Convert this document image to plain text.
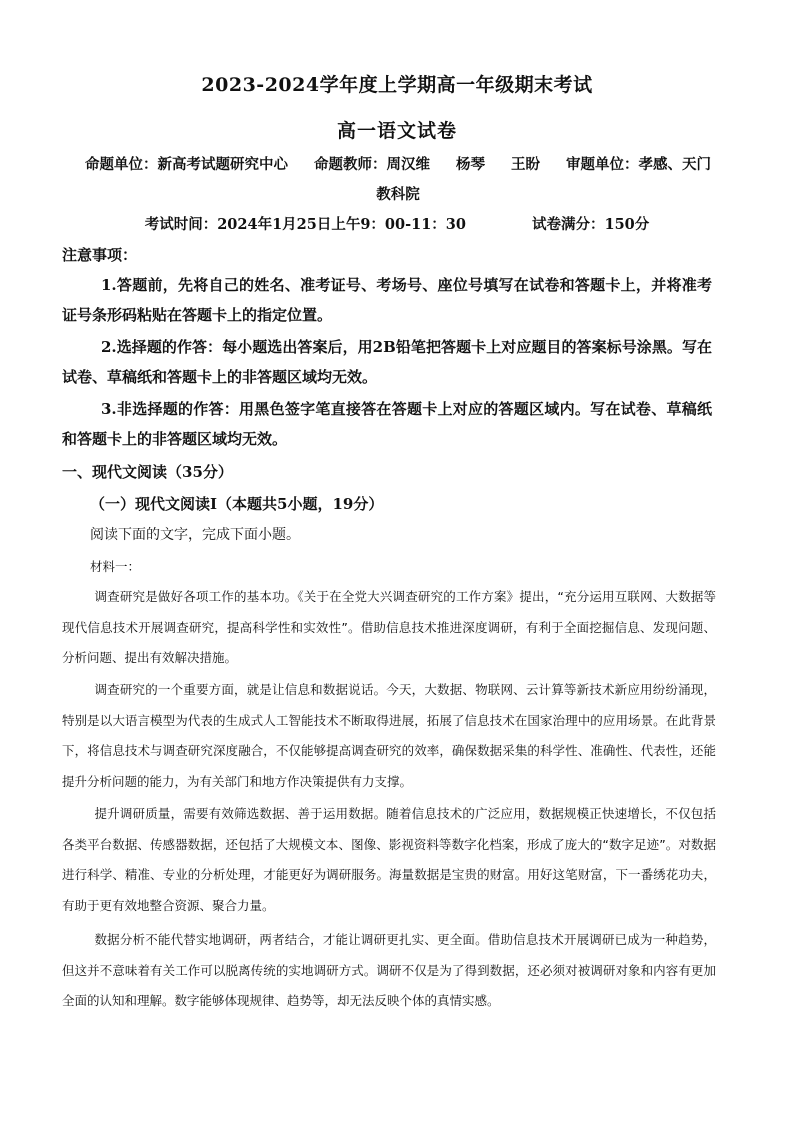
2023-2024学年度上学期高一年级期末考试
高一语文试卷
命题单位：新高考试题研究中心 命题教师：周汉维 杨琴 王盼 审题单位：孝感、天门教科院
考试时间：2024年1月25日上午9：00-11：30	试卷满分：150分
注意事项：
1.答题前，先将自己的姓名、准考证号、考场号、座位号填写在试卷和答题卡上，并将准考证号条形码粘贴在答题卡上的指定位置。
2.选择题的作答：每小题选出答案后，用2B铅笔把答题卡上对应题目的答案标号涂黑。写在试卷、草稿纸和答题卡上的非答题区域均无效。
3.非选择题的作答：用黑色签字笔直接答在答题卡上对应的答题区域内。写在试卷、草稿纸和答题卡上的非答题区域均无效。
一、现代文阅读（35分）
（一）现代文阅读Ⅰ（本题共5小题，19分）
阅读下面的文字，完成下面小题。
材料一：
调查研究是做好各项工作的基本功。《关于在全党大兴调查研究的工作方案》提出，“充分运用互联网、大数据等现代信息技术开展调查研究，提高科学性和实效性”。借助信息技术推进深度调研，有利于全面挖掘信息、发现问题、分析问题、提出有效解决措施。
调查研究的一个重要方面，就是让信息和数据说话。今天，大数据、物联网、云计算等新技术新应用纷纷涌现，特别是以大语言模型为代表的生成式人工智能技术不断取得进展，拓展了信息技术在国家治理中的应用场景。在此背景下，将信息技术与调查研究深度融合，不仅能够提高调查研究的效率，确保数据采集的科学性、准确性、代表性，还能提升分析问题的能力，为有关部门和地方作决策提供有力支撑。
提升调研质量，需要有效筛选数据、善于运用数据。随着信息技术的广泛应用，数据规模正快速增长，不仅包括各类平台数据、传感器数据，还包括了大规模文本、图像、影视资料等数字化档案，形成了庞大的“数字足迹”。对数据进行科学、精准、专业的分析处理，才能更好为调研服务。海量数据是宝贵的财富。用好这笔财富，下一番绣花功夫，有助于更有效地整合资源、聚合力量。
数据分析不能代替实地调研，两者结合，才能让调研更扎实、更全面。借助信息技术开展调研已成为一种趋势，但这并不意味着有关工作可以脱离传统的实地调研方式。调研不仅是为了得到数据，还必须对被调研对象和内容有更加全面的认知和理解。数字能够体现规律、趋势等，却无法反映个体的真情实感。
